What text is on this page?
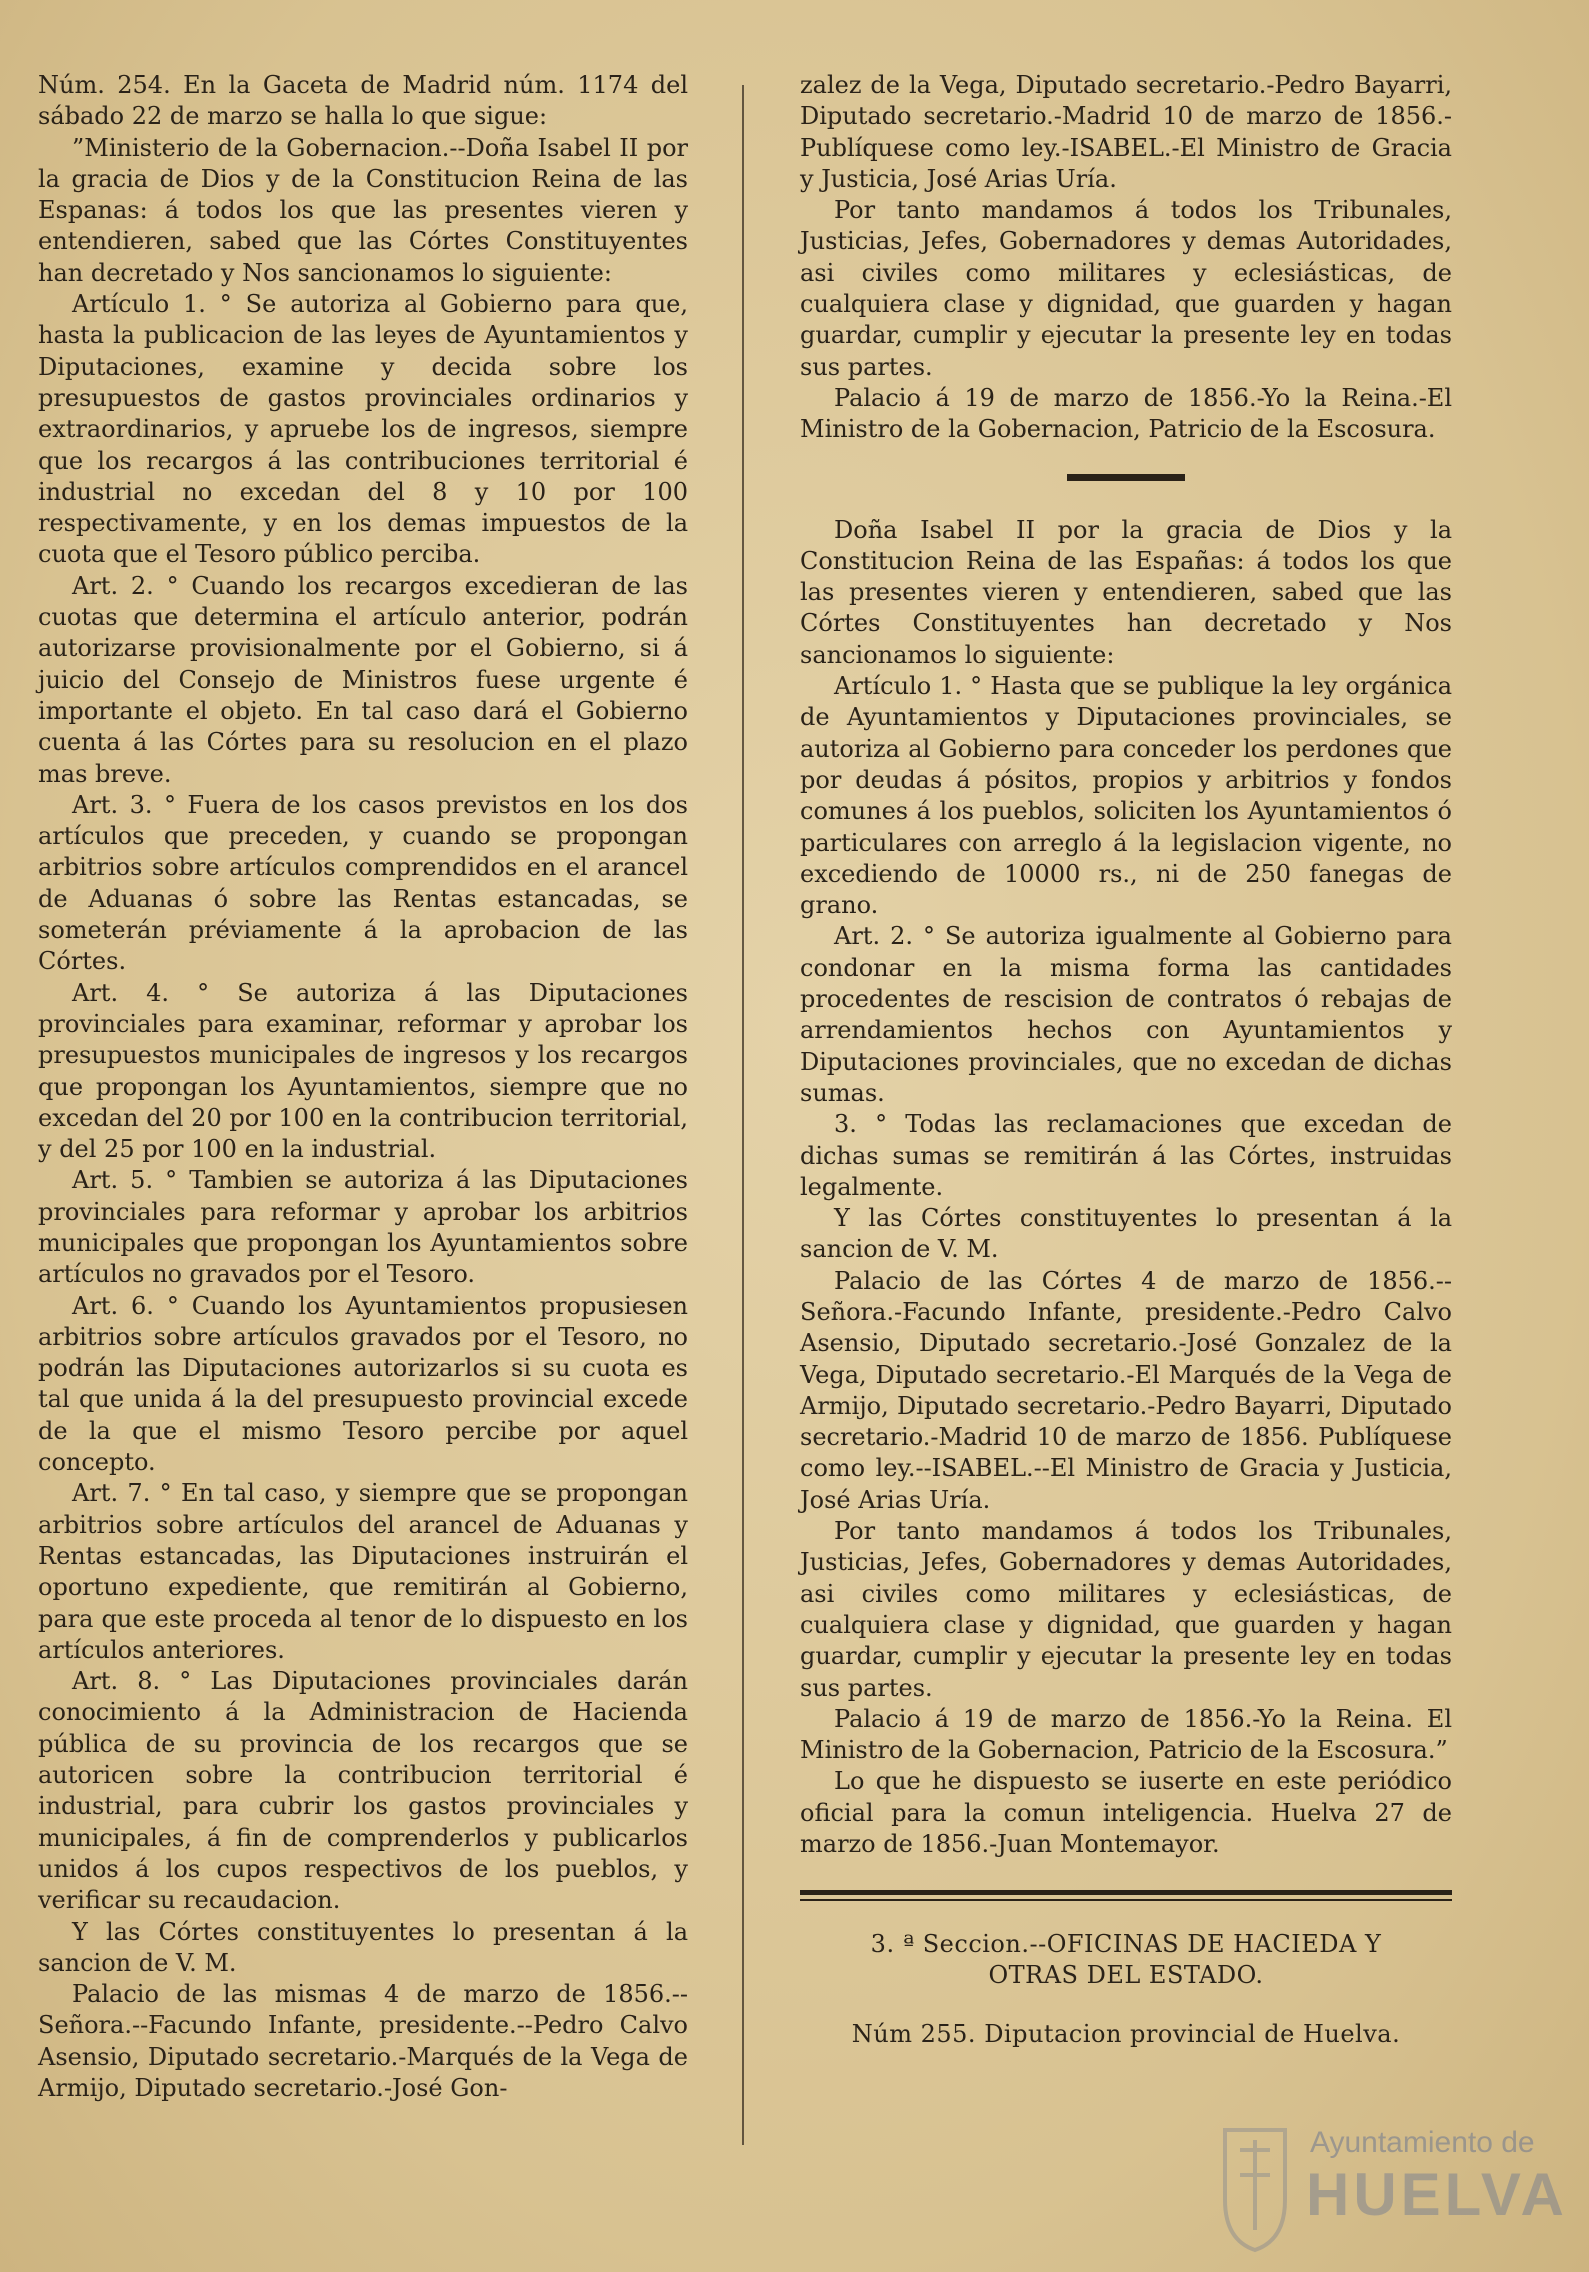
Núm. 254. En la Gaceta de Madrid núm. 1174 del sábado 22 de marzo se halla lo que sigue:

”Ministerio de la Gobernacion.--Doña Isabel II por la gracia de Dios y de la Constitucion Reina de las Espanas: á todos los que las presentes vieren y entendieren, sabed que las Córtes Constituyentes han decretado y Nos sancionamos lo siguiente:

Artículo 1. ° Se autoriza al Gobierno para que, hasta la publicacion de las leyes de Ayuntamientos y Diputaciones, examine y decida sobre los presupuestos de gastos provinciales ordinarios y extraordinarios, y apruebe los de ingresos, siempre que los recargos á las contribuciones territorial é industrial no excedan del 8 y 10 por 100 respectivamente, y en los demas impuestos de la cuota que el Tesoro público perciba.

Art. 2. ° Cuando los recargos excedieran de las cuotas que determina el artículo anterior, podrán autorizarse provisionalmente por el Gobierno, si á juicio del Consejo de Ministros fuese urgente é importante el objeto. En tal caso dará el Gobierno cuenta á las Córtes para su resolucion en el plazo mas breve.

Art. 3. ° Fuera de los casos previstos en los dos artículos que preceden, y cuando se propongan arbitrios sobre artículos comprendidos en el arancel de Aduanas ó sobre las Rentas estancadas, se someterán préviamente á la aprobacion de las Córtes.

Art. 4. ° Se autoriza á las Diputaciones provinciales para examinar, reformar y aprobar los presupuestos municipales de ingresos y los recargos que propongan los Ayuntamientos, siempre que no excedan del 20 por 100 en la contribucion territorial, y del 25 por 100 en la industrial.

Art. 5. ° Tambien se autoriza á las Diputaciones provinciales para reformar y aprobar los arbitrios municipales que propongan los Ayuntamientos sobre artículos no gravados por el Tesoro.

Art. 6. ° Cuando los Ayuntamientos propusiesen arbitrios sobre artículos gravados por el Tesoro, no podrán las Diputaciones autorizarlos si su cuota es tal que unida á la del presupuesto provincial excede de la que el mismo Tesoro percibe por aquel concepto.

Art. 7. ° En tal caso, y siempre que se propongan arbitrios sobre artículos del arancel de Aduanas y Rentas estancadas, las Diputaciones instruirán el oportuno expediente, que remitirán al Gobierno, para que este proceda al tenor de lo dispuesto en los artículos anteriores.

Art. 8. ° Las Diputaciones provinciales darán conocimiento á la Administracion de Hacienda pública de su provincia de los recargos que se autoricen sobre la contribucion territorial é industrial, para cubrir los gastos provinciales y municipales, á fin de comprenderlos y publicarlos unidos á los cupos respectivos de los pueblos, y verificar su recaudacion.

Y las Córtes constituyentes lo presentan á la sancion de V. M.

Palacio de las mismas 4 de marzo de 1856.--Señora.--Facundo Infante, presidente.--Pedro Calvo Asensio, Diputado secretario.-Marqués de la Vega de Armijo, Diputado secretario.-José Gon-

zalez de la Vega, Diputado secretario.-Pedro Bayarri, Diputado secretario.-Madrid 10 de marzo de 1856.-Publíquese como ley.-ISABEL.-El Ministro de Gracia y Justicia, José Arias Uría.

Por tanto mandamos á todos los Tribunales, Justicias, Jefes, Gobernadores y demas Autoridades, asi civiles como militares y eclesiásticas, de cualquiera clase y dignidad, que guarden y hagan guardar, cumplir y ejecutar la presente ley en todas sus partes.

Palacio á 19 de marzo de 1856.-Yo la Reina.-El Ministro de la Gobernacion, Patricio de la Escosura.

Doña Isabel II por la gracia de Dios y la Constitucion Reina de las Españas: á todos los que las presentes vieren y entendieren, sabed que las Córtes Constituyentes han decretado y Nos sancionamos lo siguiente:

Artículo 1. ° Hasta que se publique la ley orgánica de Ayuntamientos y Diputaciones provinciales, se autoriza al Gobierno para conceder los perdones que por deudas á pósitos, propios y arbitrios y fondos comunes á los pueblos, soliciten los Ayuntamientos ó particulares con arreglo á la legislacion vigente, no excediendo de 10000 rs., ni de 250 fanegas de grano.

Art. 2. ° Se autoriza igualmente al Gobierno para condonar en la misma forma las cantidades procedentes de rescision de contratos ó rebajas de arrendamientos hechos con Ayuntamientos y Diputaciones provinciales, que no excedan de dichas sumas.

3. ° Todas las reclamaciones que excedan de dichas sumas se remitirán á las Córtes, instruidas legalmente.

Y las Córtes constituyentes lo presentan á la sancion de V. M.

Palacio de las Córtes 4 de marzo de 1856.--Señora.-Facundo Infante, presidente.-Pedro Calvo Asensio, Diputado secretario.-José Gonzalez de la Vega, Diputado secretario.-El Marqués de la Vega de Armijo, Diputado secretario.-Pedro Bayarri, Diputado secretario.-Madrid 10 de marzo de 1856. Publíquese como ley.--ISABEL.--El Ministro de Gracia y Justicia, José Arias Uría.

Por tanto mandamos á todos los Tribunales, Justicias, Jefes, Gobernadores y demas Autoridades, asi civiles como militares y eclesiásticas, de cualquiera clase y dignidad, que guarden y hagan guardar, cumplir y ejecutar la presente ley en todas sus partes.

Palacio á 19 de marzo de 1856.-Yo la Reina. El Ministro de la Gobernacion, Patricio de la Escosura.”

Lo que he dispuesto se iuserte en este periódico oficial para la comun inteligencia. Huelva 27 de marzo de 1856.-Juan Montemayor.

3. ª Seccion.--OFICINAS DE HACIEDA Y

OTRAS DEL ESTADO.

Núm 255. Diputacion provincial de Huelva.

Ayuntamiento de
HUELVA
